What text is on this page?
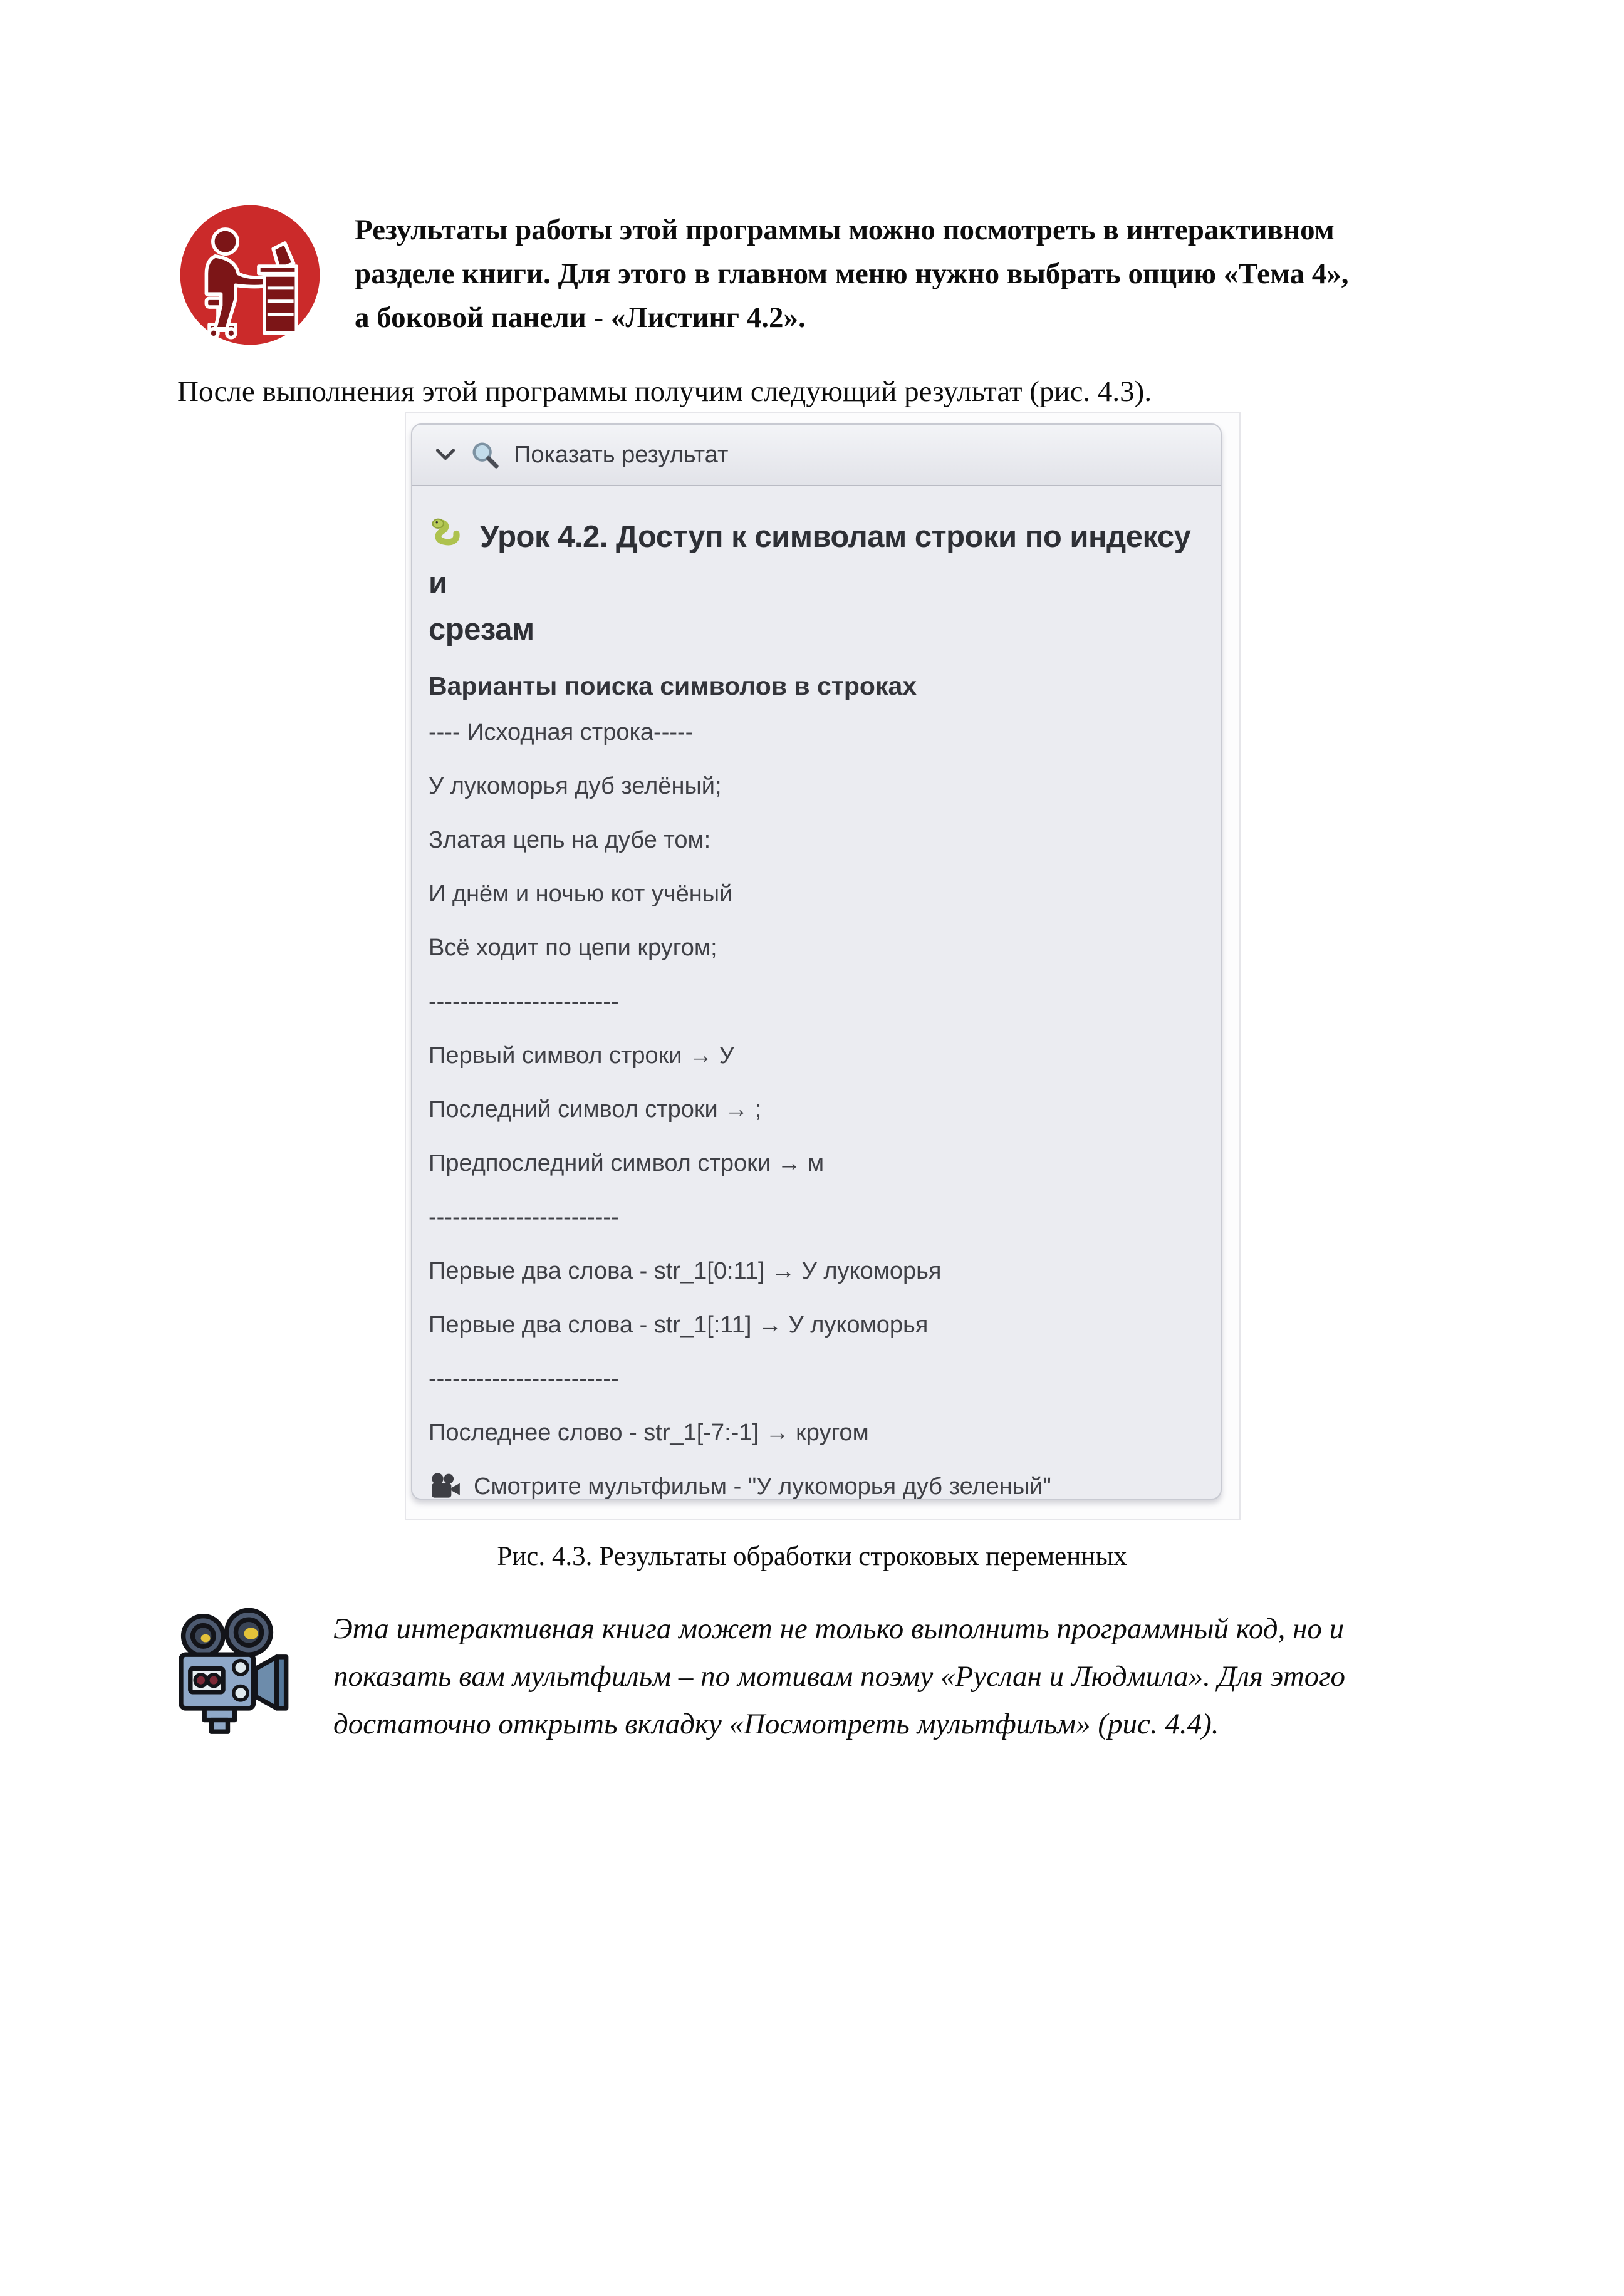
Результаты работы этой программы можно посмотреть в интерактивном
разделе книги. Для этого в главном меню нужно выбрать опцию «Тема 4»,
а боковой панели - «Листинг 4.2».
После выполнения этой программы получим следующий результат (рис. 4.3).
Показать результат
Урок 4.2. Доступ к символам строки по индексу и
срезам
Варианты поиска символов в строках
---- Исходная строка-----
У лукоморья дуб зелёный;
Златая цепь на дубе том:
И днём и ночью кот учёный
Всё ходит по цепи кругом;
------------------------
Первый символ строки → У
Последний символ строки → ;
Предпоследний символ строки → м
------------------------
Первые два слова - str_1[0:11] → У лукоморья
Первые два слова - str_1[:11] → У лукоморья
------------------------
Последнее слово - str_1[-7:-1] → кругом
Смотрите мультфильм - "У лукоморья дуб зеленый"
Рис. 4.3. Результаты обработки строковых переменных
Эта интерактивная книга может не только выполнить программный код, но и
показать вам мультфильм – по мотивам поэму «Руслан и Людмила». Для этого
достаточно открыть вкладку «Посмотреть мультфильм» (рис. 4.4).
